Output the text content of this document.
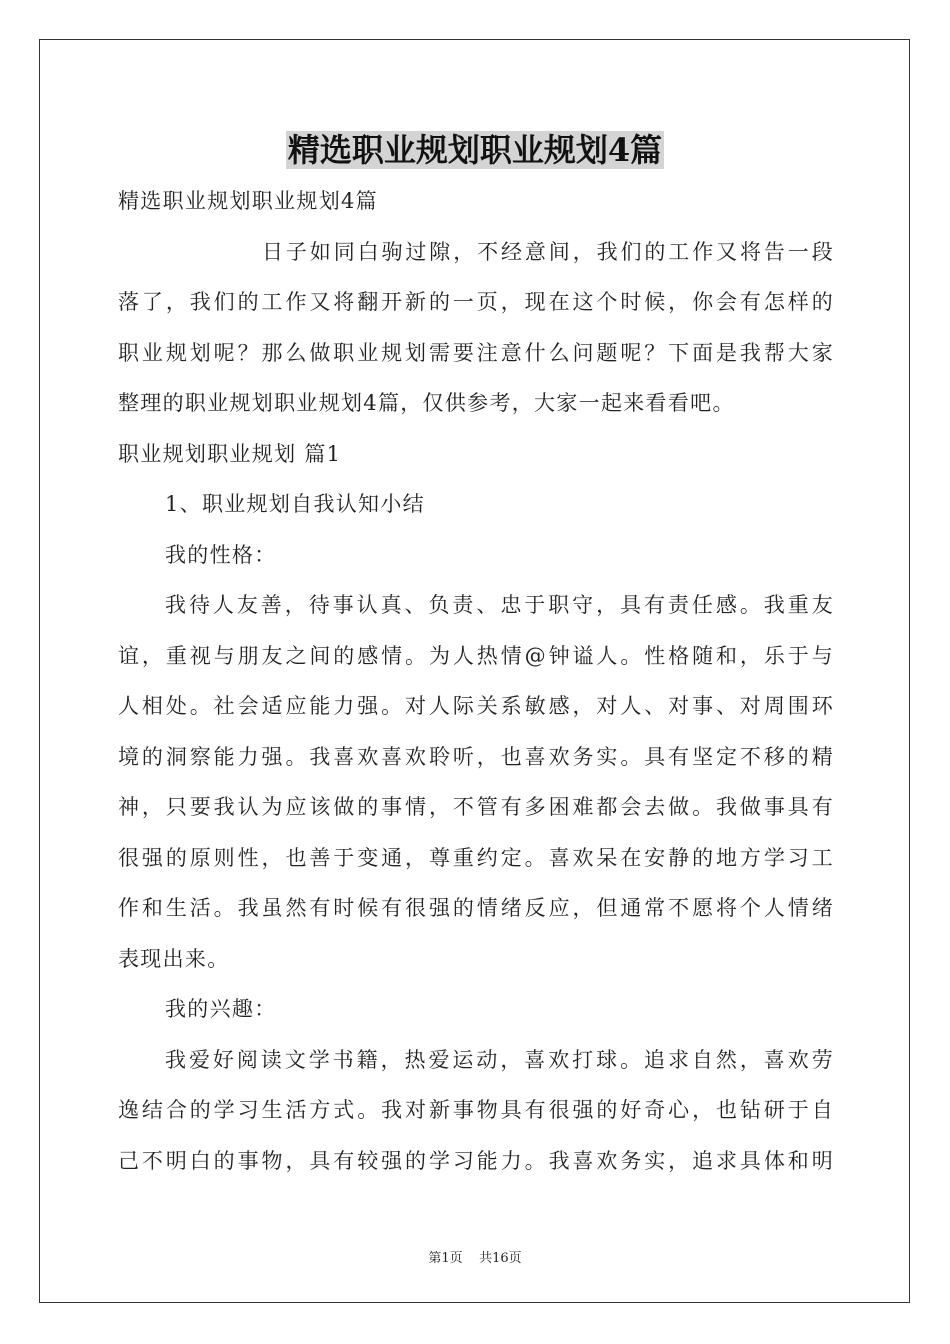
精选职业规划职业规划4篇
精选职业规划职业规划4篇
日子如同白驹过隙，不经意间，我们的工作又将告一段
落了，我们的工作又将翻开新的一页，现在这个时候，你会有怎样的
职业规划呢？那么做职业规划需要注意什么问题呢？下面是我帮大家
整理的职业规划职业规划4篇，仅供参考，大家一起来看看吧。
职业规划职业规划 篇1
1、职业规划自我认知小结
我的性格：
我待人友善，待事认真、负责、忠于职守，具有责任感。我重友
谊，重视与朋友之间的感情。为人热情@钟谥人。性格随和，乐于与
人相处。社会适应能力强。对人际关系敏感，对人、对事、对周围环
境的洞察能力强。我喜欢喜欢聆听，也喜欢务实。具有坚定不移的精
神，只要我认为应该做的事情，不管有多困难都会去做。我做事具有
很强的原则性，也善于变通，尊重约定。喜欢呆在安静的地方学习工
作和生活。我虽然有时候有很强的情绪反应，但通常不愿将个人情绪
表现出来。
我的兴趣：
我爱好阅读文学书籍，热爱运动，喜欢打球。追求自然，喜欢劳
逸结合的学习生活方式。我对新事物具有很强的好奇心，也钻研于自
己不明白的事物，具有较强的学习能力。我喜欢务实，追求具体和明
第1页    共16页
